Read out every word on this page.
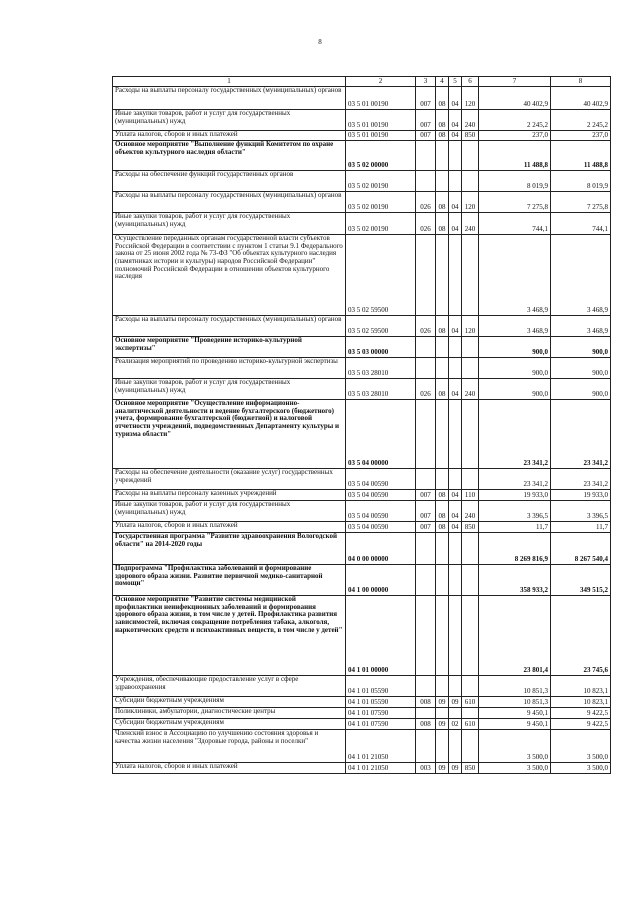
8
1	2	3	4	5	6	7	8
Расходы на выплаты персоналу государственных (муниципальных) органов	03 5 01 00190	007	08	04	120	40 402,9	40 402,9
Иные закупки товаров, работ и услуг для государственных (муниципальных) нужд	03 5 01 00190	007	08	04	240	2 245,2	2 245,2
Уплата налогов, сборов и иных платежей	03 5 01 00190	007	08	04	850	237,0	237,0
Основное мероприятие "Выполнение функций Комитетом по охране объектов культурного наследия области"	03 5 02 00000					11 488,8	11 488,8
Расходы на обеспечение функций государственных органов	03 5 02 00190					8 019,9	8 019,9
Расходы на выплаты персоналу государственных (муниципальных) органов	03 5 02 00190	026	08	04	120	7 275,8	7 275,8
Иные закупки товаров, работ и услуг для государственных (муниципальных) нужд	03 5 02 00190	026	08	04	240	744,1	744,1
Осуществление переданных органам государственной власти субъектов Российской Федерации в соответствии с пунктом 1 статьи 9.1 Федерального закона от 25 июня 2002 года № 73-ФЗ "Об объектах культурного наследия (памятниках истории и культуры) народов Российской Федерации" полномочий Российской Федерации в отношении объектов культурного наследия	03 5 02 59500					3 468,9	3 468,9
Расходы на выплаты персоналу государственных (муниципальных) органов	03 5 02 59500	026	08	04	120	3 468,9	3 468,9
Основное мероприятие "Проведение историко-культурной экспертизы"	03 5 03 00000					900,0	900,0
Реализация мероприятий по проведению историко-культурной экспертизы	03 5 03 28010					900,0	900,0
Иные закупки товаров, работ и услуг для государственных (муниципальных) нужд	03 5 03 28010	026	08	04	240	900,0	900,0
Основное мероприятие "Осуществление информационно-аналитической деятельности и ведение бухгалтерского (бюджетного) учета, формирование бухгалтерской (бюджетной) и налоговой отчетности учреждений, подведомственных Департаменту культуры и туризма области"	03 5 04 00000					23 341,2	23 341,2
Расходы на обеспечение деятельности (оказание услуг) государственных учреждений	03 5 04 00590					23 341,2	23 341,2
Расходы на выплаты персоналу казенных учреждений	03 5 04 00590	007	08	04	110	19 933,0	19 933,0
Иные закупки товаров, работ и услуг для государственных (муниципальных) нужд	03 5 04 00590	007	08	04	240	3 396,5	3 396,5
Уплата налогов, сборов и иных платежей	03 5 04 00590	007	08	04	850	11,7	11,7
Государственная программа "Развитие здравоохранения Вологодской области" на 2014-2020 годы	04 0 00 00000					8 269 816,9	8 267 540,4
Подпрограмма "Профилактика заболеваний и формирование здорового образа жизни. Развитие первичной медико-санитарной помощи"	04 1 00 00000					358 933,2	349 515,2
Основное мероприятие "Развитие системы медицинской профилактики неинфекционных заболеваний и формирования здорового образа жизни, в том числе у детей. Профилактика развития зависимостей, включая сокращение потребления табака, алкоголя, наркотических средств и психоактивных веществ, в том числе у детей"	04 1 01 00000					23 801,4	23 745,6
Учреждения, обеспечивающие предоставление услуг в сфере здравоохранения	04 1 01 05590					10 851,3	10 823,1
Субсидии бюджетным учреждениям	04 1 01 05590	008	09	09	610	10 851,3	10 823,1
Поликлиники, амбулатории, диагностические центры	04 1 01 07590					9 450,1	9 422,5
Субсидии бюджетным учреждениям	04 1 01 07590	008	09	02	610	9 450,1	9 422,5
Членский взнос в Ассоциацию по улучшению состояния здоровья и качества жизни населения "Здоровые города, районы и поселки"	04 1 01 21050					3 500,0	3 500,0
Уплата налогов, сборов и иных платежей	04 1 01 21050	003	09	09	850	3 500,0	3 500,0
